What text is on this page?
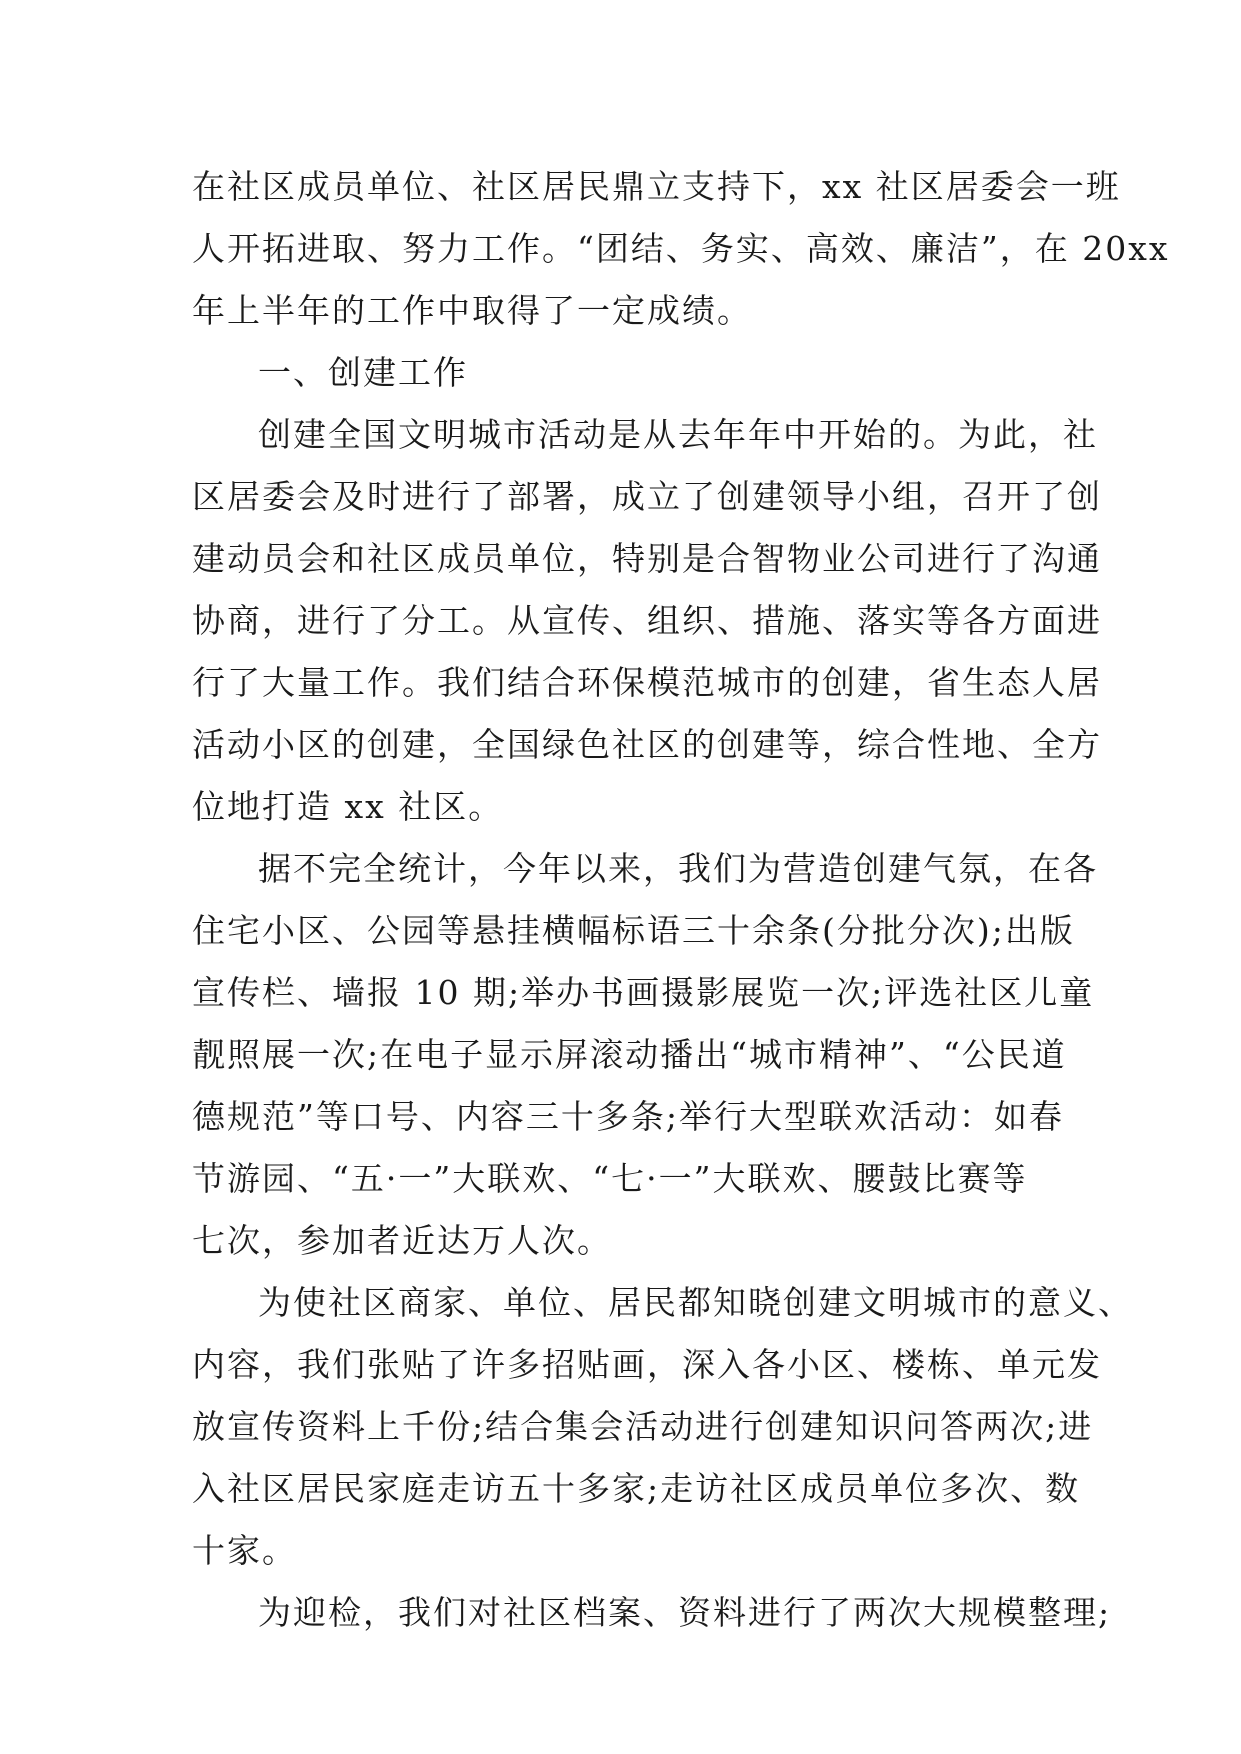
在社区成员单位、社区居民鼎立支持下，xx 社区居委会一班
人开拓进取、努力工作。“团结、务实、高效、廉洁”，在 20xx
年上半年的工作中取得了一定成绩。

一、创建工作

创建全国文明城市活动是从去年年中开始的。为此，社
区居委会及时进行了部署，成立了创建领导小组，召开了创
建动员会和社区成员单位，特别是合智物业公司进行了沟通
协商，进行了分工。从宣传、组织、措施、落实等各方面进
行了大量工作。我们结合环保模范城市的创建，省生态人居
活动小区的创建，全国绿色社区的创建等，综合性地、全方
位地打造 xx 社区。

据不完全统计，今年以来，我们为营造创建气氛，在各
住宅小区、公园等悬挂横幅标语三十余条(分批分次);出版
宣传栏、墙报 10 期;举办书画摄影展览一次;评选社区儿童
靓照展一次;在电子显示屏滚动播出“城市精神”、“公民道
德规范”等口号、内容三十多条;举行大型联欢活动：如春
节游园、“五·一”大联欢、“七·一”大联欢、腰鼓比赛等
七次，参加者近达万人次。

为使社区商家、单位、居民都知晓创建文明城市的意义、
内容，我们张贴了许多招贴画，深入各小区、楼栋、单元发
放宣传资料上千份;结合集会活动进行创建知识问答两次;进
入社区居民家庭走访五十多家;走访社区成员单位多次、数
十家。

为迎检，我们对社区档案、资料进行了两次大规模整理;
